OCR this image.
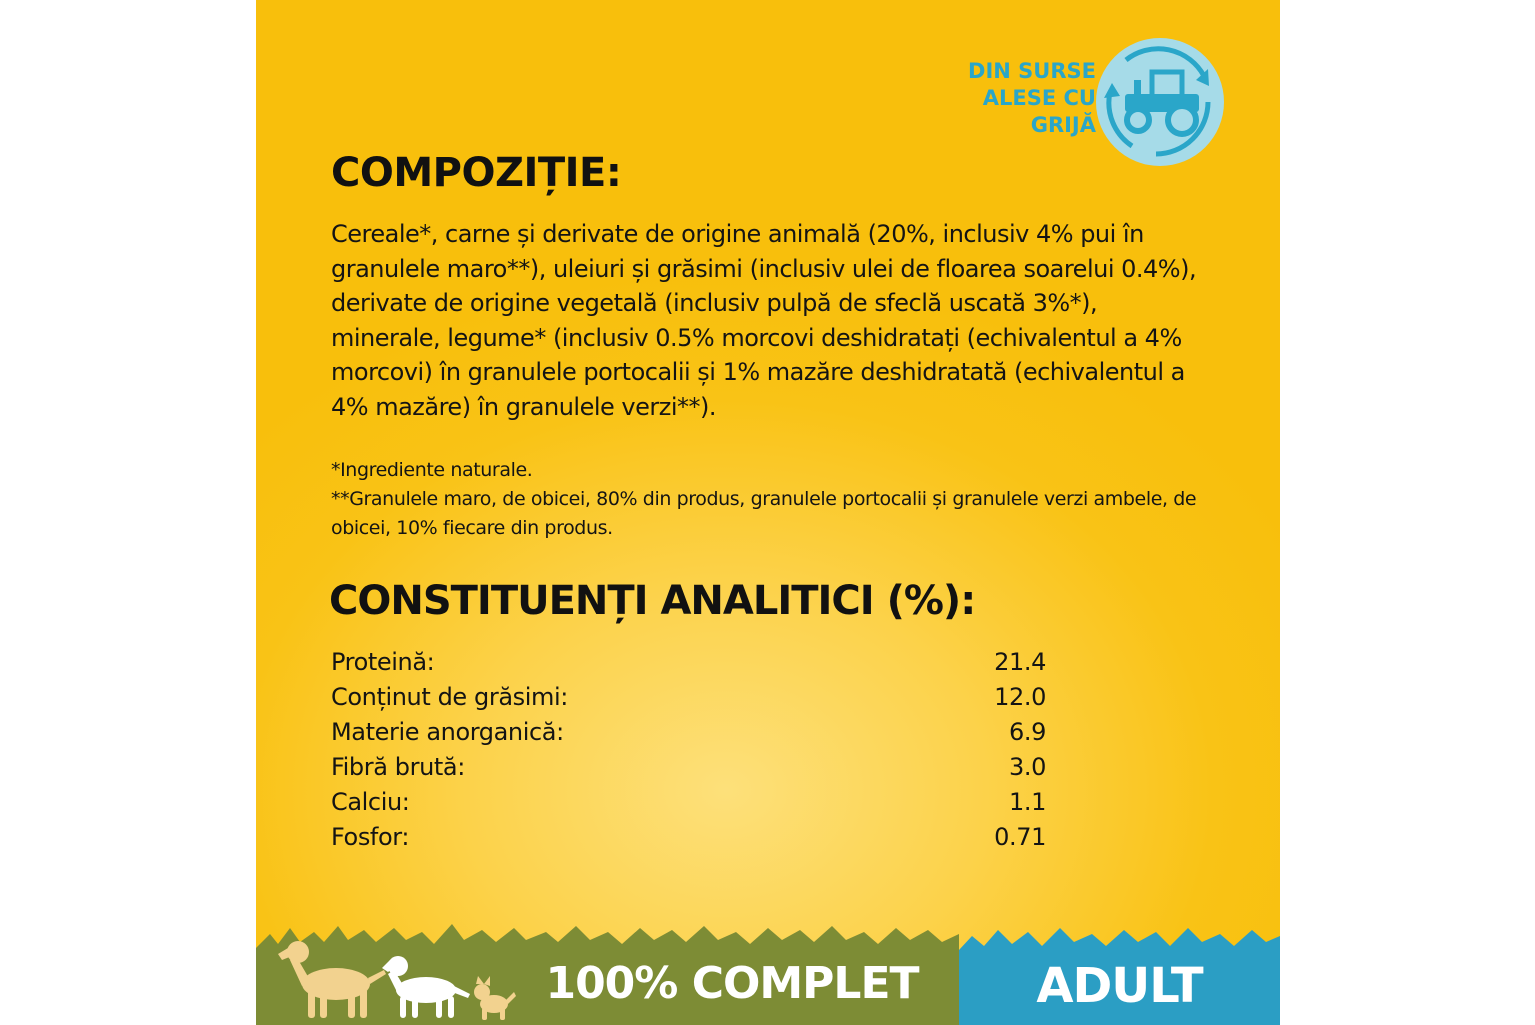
DIN SURSE
ALESE CU
GRIJĂ
COMPOZIȚIE:

Cereale*, carne și derivate de origine animală (20%, inclusiv 4% pui în granulele maro**), uleiuri și grăsimi (inclusiv ulei de floarea soarelui 0.4%), derivate de origine vegetală (inclusiv pulpă de sfeclă uscată 3%*), minerale, legume* (inclusiv 0.5% morcovi deshidratați (echivalentul a 4% morcovi) în granulele portocalii și 1% mazăre deshidratată (echivalentul a 4% mazăre) în granulele verzi**).

*Ingrediente naturale.

**Granulele maro, de obicei, 80% din produs, granulele portocalii și granulele verzi ambele, de obicei, 10% fiecare din produs.

CONSTITUENȚI ANALITICI (%):
Proteină:	21.4
Conținut de grăsimi:	12.0
Materie anorganică:	6.9
Fibră brută:	3.0
Calciu:	1.1
Fosfor:	0.71
100% COMPLET	ADULT
